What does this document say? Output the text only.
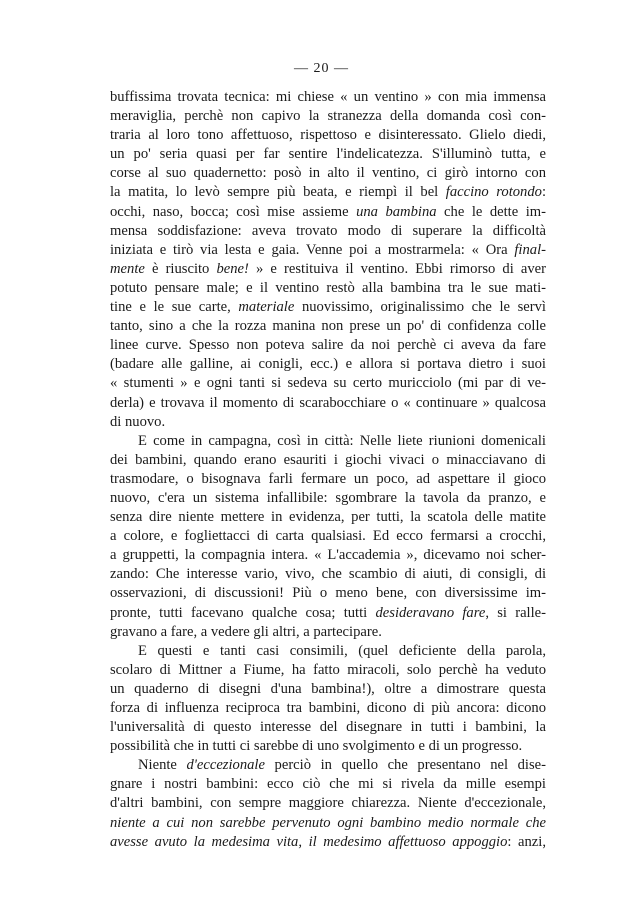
— 20 —

buffissima trovata tecnica: mi chiese « un ventino » con mia immensa

meraviglia, perchè non capivo la stranezza della domanda così con-

traria al loro tono affettuoso, rispettoso e disinteressato. Glielo diedi,

un po' seria quasi per far sentire l'indelicatezza. S'illuminò tutta, e

corse al suo quadernetto: posò in alto il ventino, ci girò intorno con

la matita, lo levò sempre più beata, e riempì il bel faccino rotondo:

occhi, naso, bocca; così mise assieme una bambina che le dette im-

mensa soddisfazione: aveva trovato modo di superare la difficoltà

iniziata e tirò via lesta e gaia. Venne poi a mostrarmela: « Ora final-

mente è riuscito bene! » e restituiva il ventino. Ebbi rimorso di aver

potuto pensare male; e il ventino restò alla bambina tra le sue mati-

tine e le sue carte, materiale nuovissimo, originalissimo che le servì

tanto, sino a che la rozza manina non prese un po' di confidenza colle

linee curve. Spesso non poteva salire da noi perchè ci aveva da fare

(badare alle galline, ai conigli, ecc.) e allora si portava dietro i suoi

« stumenti » e ogni tanti si sedeva su certo muricciolo (mi par di ve-

derla) e trovava il momento di scarabocchiare o « continuare » qualcosa

di nuovo.

E come in campagna, così in città: Nelle liete riunioni domenicali

dei bambini, quando erano esauriti i giochi vivaci o minacciavano di

trasmodare, o bisognava farli fermare un poco, ad aspettare il gioco

nuovo, c'era un sistema infallibile: sgombrare la tavola da pranzo, e

senza dire niente mettere in evidenza, per tutti, la scatola delle matite

a colore, e fogliettacci di carta qualsiasi. Ed ecco fermarsi a crocchi,

a gruppetti, la compagnia intera. « L'accademia », dicevamo noi scher-

zando: Che interesse vario, vivo, che scambio di aiuti, di consigli, di

osservazioni, di discussioni! Più o meno bene, con diversissime im-

pronte, tutti facevano qualche cosa; tutti desideravano fare, si ralle-

gravano a fare, a vedere gli altri, a partecipare.

E questi e tanti casi consimili, (quel deficiente della parola,

scolaro di Mittner a Fiume, ha fatto miracoli, solo perchè ha veduto

un quaderno di disegni d'una bambina!), oltre a dimostrare questa

forza di influenza reciproca tra bambini, dicono di più ancora: dicono

l'universalità di questo interesse del disegnare in tutti i bambini, la

possibilità che in tutti ci sarebbe di uno svolgimento e di un progresso.

Niente d'eccezionale perciò in quello che presentano nel dise-

gnare i nostri bambini: ecco ciò che mi si rivela da mille esempi

d'altri bambini, con sempre maggiore chiarezza. Niente d'eccezionale,

niente a cui non sarebbe pervenuto ogni bambino medio normale che

avesse avuto la medesima vita, il medesimo affettuoso appoggio: anzi,
